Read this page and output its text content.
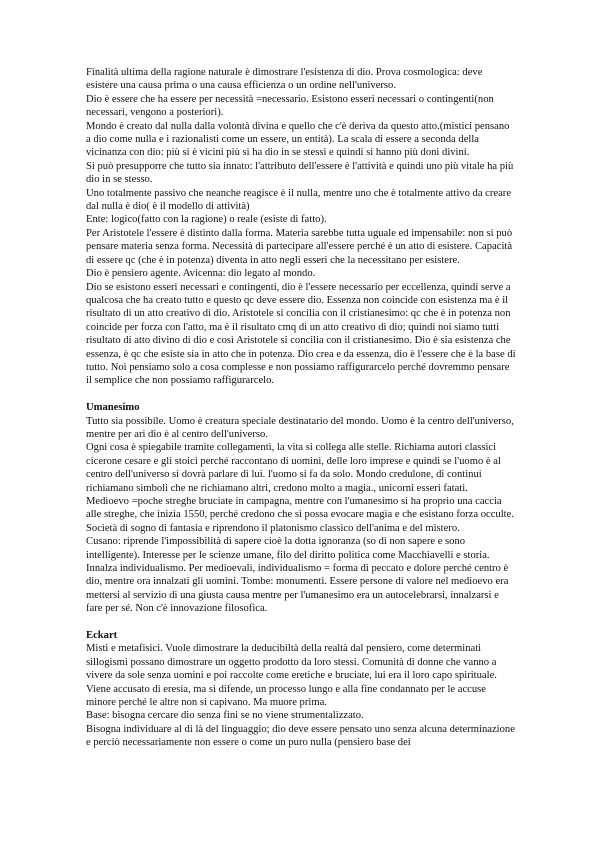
Finalità ultima della ragione naturale è dimostrare l'esistenza di dio. Prova cosmologica: deve esistere una causa prima o una causa efficienza o un ordine nell'universo.

Dio è essere che ha essere per necessità =necessario. Esistono esseri necessari o contingenti(non necessari, vengono a posteriori).

Mondo è creato dal nulla dalla volontà divina e quello che c'è deriva da questo atto.(mistici pensano a dio come nulla e i razionalisti come un essere, un entità). La scala di essere a seconda della vicinanza con dio: più si è vicini più si ha dio in se stessi e quindi si hanno più doni divini.

Si può presupporre che tutto sia innato: l'attributo dell'essere è l'attività e quindi uno più vitale ha più dio in se stesso.

Uno totalmente passivo che neanche reagisce è il nulla, mentre uno che è totalmente attivo da creare dal nulla è dio( è il modello di attività)

Ente: logico(fatto con la ragione) o reale (esiste di fatto).

Per Aristotele l'essere è distinto dalla forma. Materia sarebbe tutta uguale ed impensabile: non si può pensare materia senza forma. Necessità di partecipare all'essere perché è un atto di esistere. Capacità di essere qc (che è in potenza) diventa in atto negli esseri che la necessitano per esistere.

Dio è pensiero agente. Avicenna: dio legato al mondo.

Dio se esistono esseri necessari e contingenti, dio è l'essere necessario per eccellenza, quindi serve a qualcosa che ha creato tutto e questo qc deve essere dio. Essenza non coincide con esistenza ma è il risultato di un atto creativo di dio. Aristotele si concilia con il cristianesimo: qc che è in potenza non coincide per forza con l'atto, ma è il risultato cmq di un atto creativo di dio; quindi noi siamo tutti risultato di atto divino di dio e così Aristotele si concilia con il cristianesimo. Dio è sia esistenza che essenza, è qc che esiste sia in atto che in potenza. Dio crea e da essenza, dio è l'essere che è la base di tutto. Noi pensiamo solo a cosa complesse e non possiamo raffigurarcelo perché dovremmo pensare il semplice che non possiamo raffigurarcelo.

Umanesimo

Tutto sia possibile. Uomo è creatura speciale destinatario del mondo. Uomo è la centro dell'universo, mentre per ari dio è al centro dell'universo.

Ogni cosa è spiegabile tramite collegamenti, la vita si collega alle stelle. Richiama autori classici cicerone cesare e gli stoici perché raccontano di uomini, delle loro imprese e quindi se l'uomo è al centro dell'universo si dovrà parlare di lui. l'uomo si fa da solo. Mondo credulone, di continui richiamano simboli che ne richiamano altri, credono molto a magia., unicorni esseri fatati.

Medioevo =poche streghe bruciate in campagna, mentre con l'umanesimo si ha proprio una caccia alle streghe, che inizia 1550, perché credono che si possa evocare magia e che esistano forza occulte. Società di sogno di fantasia e riprendono il platonismo classico dell'anima e del mistero.

Cusano: riprende l'impossibilità di sapere cioè la dotta ignoranza (so di non sapere e sono intelligente). Interesse per le scienze umane, filo del diritto politica come Macchiavelli e storia.

Innalza individualismo. Per medioevali, individualismo = forma di peccato e dolore perché centro è dio, mentre ora innalzati gli uomini. Tombe: monumenti. Essere persone di valore nel medioevo era mettersi al servizio di una giusta causa mentre per l'umanesimo era un autocelebrarsi, innalzarsi e fare per sé. Non c'è innovazione filosofica.

Eckart

Misti e metafisici. Vuole dimostrare la deducibiltà della realtà dal pensiero, come determinati sillogismi possano dimostrare un oggetto prodotto da loro stessi. Comunità di donne che vanno a vivere da sole senza uomini e poi raccolte come eretiche e bruciate, lui era il loro capo spirituale. Viene accusato di eresia, ma si difende, un processo lungo e alla fine condannato per le accuse minore perché le altre non si capivano. Ma muore prima.

Base: bisogna cercare dio senza fini se no viene strumentalizzato.

Bisogna individuare al di là del linguaggio; dio deve essere pensato uno senza alcuna determinazione e perciò necessariamente non essere o come un puro nulla (pensiero base dei
